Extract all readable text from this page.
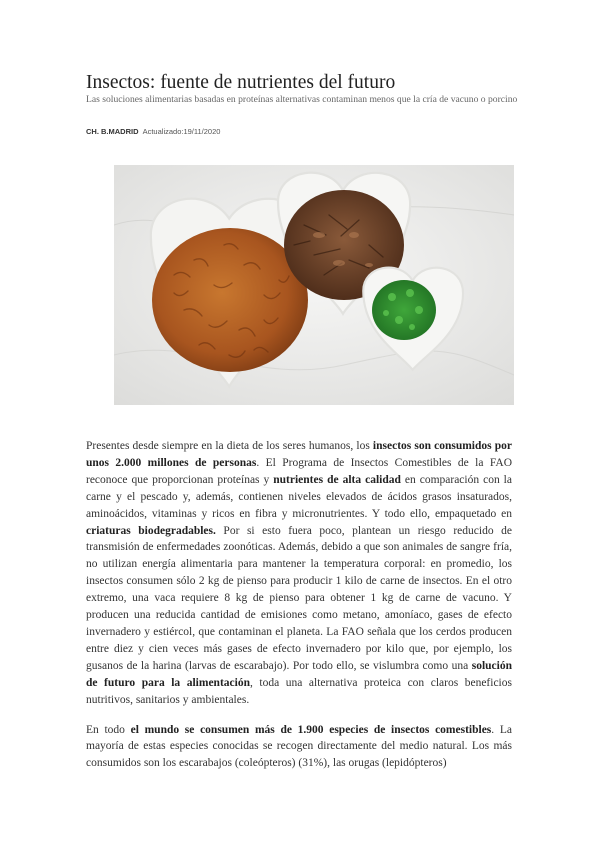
Insectos: fuente de nutrientes del futuro
Las soluciones alimentarias basadas en proteínas alternativas contaminan menos que la cría de vacuno o porcino
CH. B.MADRID Actualizado:19/11/2020

Presentes desde siempre en la dieta de los seres humanos, los insectos son consumidos por unos 2.000 millones de personas. El Programa de Insectos Comestibles de la FAO reconoce que proporcionan proteínas y nutrientes de alta calidad en comparación con la carne y el pescado y, además, contienen niveles elevados de ácidos grasos insaturados, aminoácidos, vitaminas y ricos en fibra y micronutrientes. Y todo ello, empaquetado en criaturas biodegradables. Por si esto fuera poco, plantean un riesgo reducido de transmisión de enfermedades zoonóticas. Además, debido a que son animales de sangre fría, no utilizan energía alimentaria para mantener la temperatura corporal: en promedio, los insectos consumen sólo 2 kg de pienso para producir 1 kilo de carne de insectos. En el otro extremo, una vaca requiere 8 kg de pienso para obtener 1 kg de carne de vacuno. Y producen una reducida cantidad de emisiones como metano, amoníaco, gases de efecto invernadero y estiércol, que contaminan el planeta. La FAO señala que los cerdos producen entre diez y cien veces más gases de efecto invernadero por kilo que, por ejemplo, los gusanos de la harina (larvas de escarabajo). Por todo ello, se vislumbra como una solución de futuro para la alimentación, toda una alternativa proteica con claros beneficios nutritivos, sanitarios y ambientales.

En todo el mundo se consumen más de 1.900 especies de insectos comestibles. La mayoría de estas especies conocidas se recogen directamente del medio natural. Los más consumidos son los escarabajos (coleópteros) (31%), las orugas (lepidópteros)
